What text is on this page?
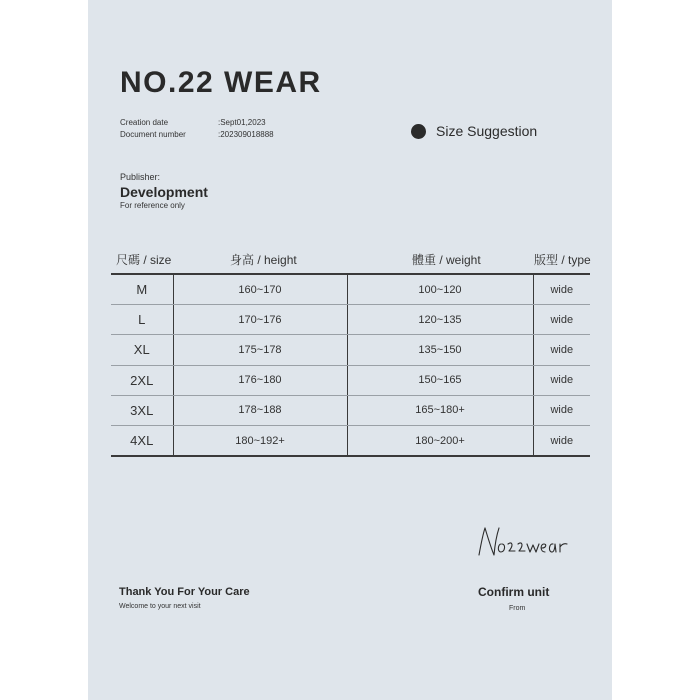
NO.22 WEAR
Creation date	:Sept01,2023
Document number	:202309018888	Size Suggestion
Publisher:
Development
For reference only
尺碼 / size	身高 / height	體重 / weight	版型 / type
M	160~170	100~120	wide
L	170~176	120~135	wide
XL	175~178	135~150	wide
2XL	176~180	150~165	wide
3XL	178~188	165~180+	wide
4XL	180~192+	180~200+	wide
Thank You For Your Care
Welcome to your next visit
Confirm unit
From
